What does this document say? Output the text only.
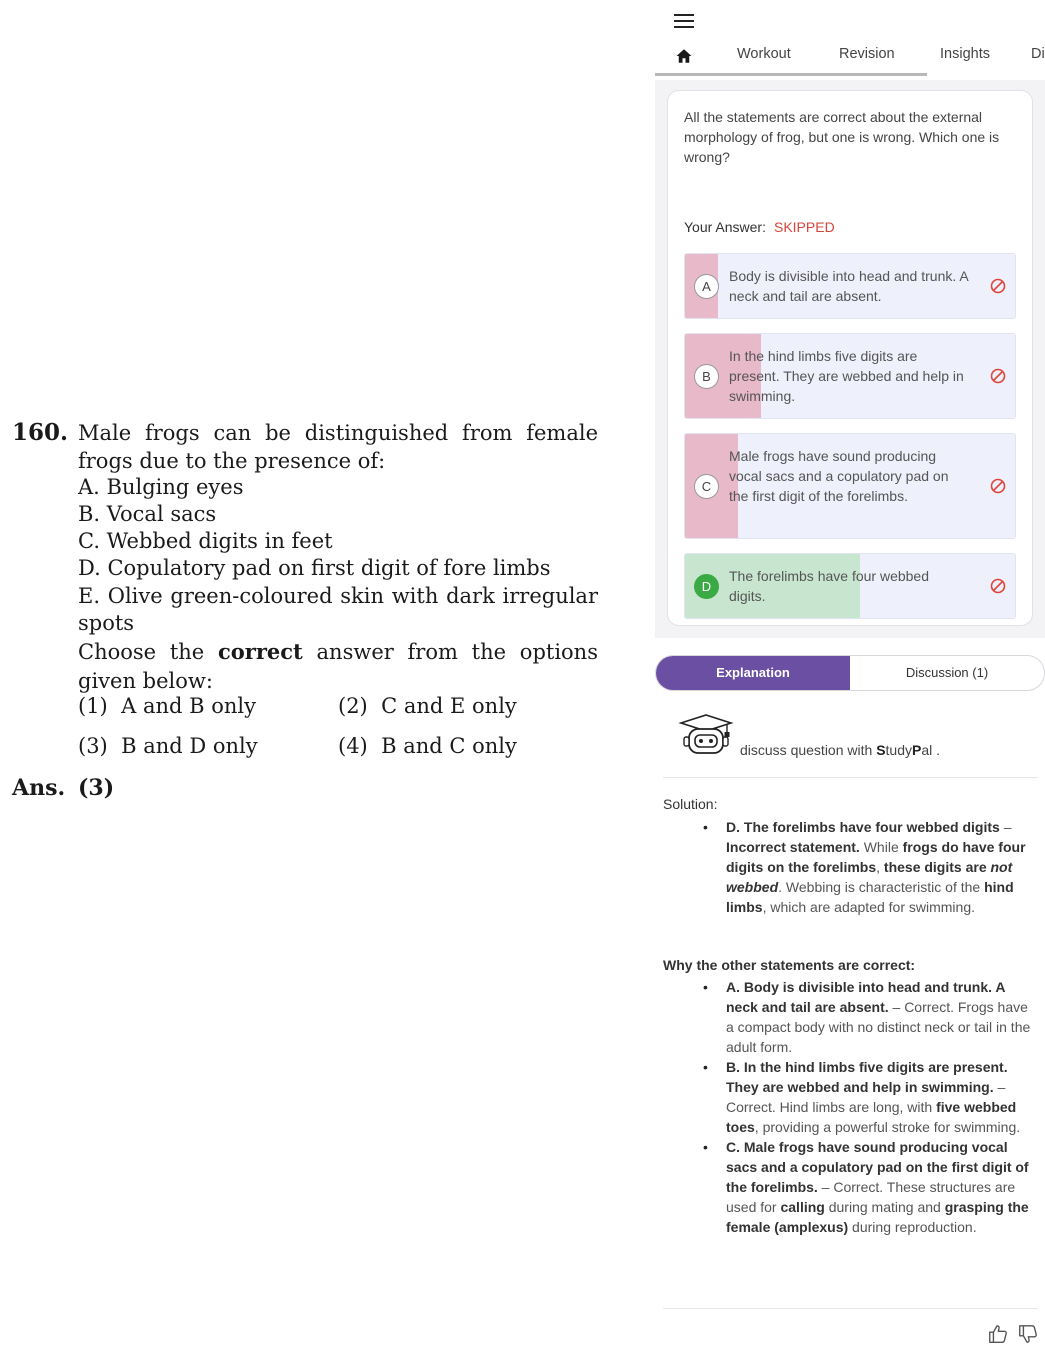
160. Male frogs can be distinguished from female frogs due to the presence of:
A. Bulging eyes
B. Vocal sacs
C. Webbed digits in feet
D. Copulatory pad on first digit of fore limbs
E. Olive green-coloured skin with dark irregular spots
Choose the correct answer from the options given below:
(1) A and B only	(2) C and E only
(3) B and D only	(4) B and C only
Ans. (3)
Workout	Revision	Insights	Di
All the statements are correct about the external morphology of frog, but one is wrong. Which one is wrong?
Your Answer: SKIPPED
A
Body is divisible into head and trunk. A neck and tail are absent.
B
In the hind limbs five digits are present. They are webbed and help in swimming.
C
Male frogs have sound producing vocal sacs and a copulatory pad on the first digit of the forelimbs.
D
The forelimbs have four webbed digits.
Explanation	Discussion (1)
discuss question with StudyPal .
Solution:
• D. The forelimbs have four webbed digits – Incorrect statement. While frogs do have four digits on the forelimbs, these digits are not webbed. Webbing is characteristic of the hind limbs, which are adapted for swimming.
Why the other statements are correct:
• A. Body is divisible into head and trunk. A neck and tail are absent. – Correct. Frogs have a compact body with no distinct neck or tail in the adult form.
• B. In the hind limbs five digits are present. They are webbed and help in swimming. – Correct. Hind limbs are long, with five webbed toes, providing a powerful stroke for swimming.
• C. Male frogs have sound producing vocal sacs and a copulatory pad on the first digit of the forelimbs. – Correct. These structures are used for calling during mating and grasping the female (amplexus) during reproduction.
